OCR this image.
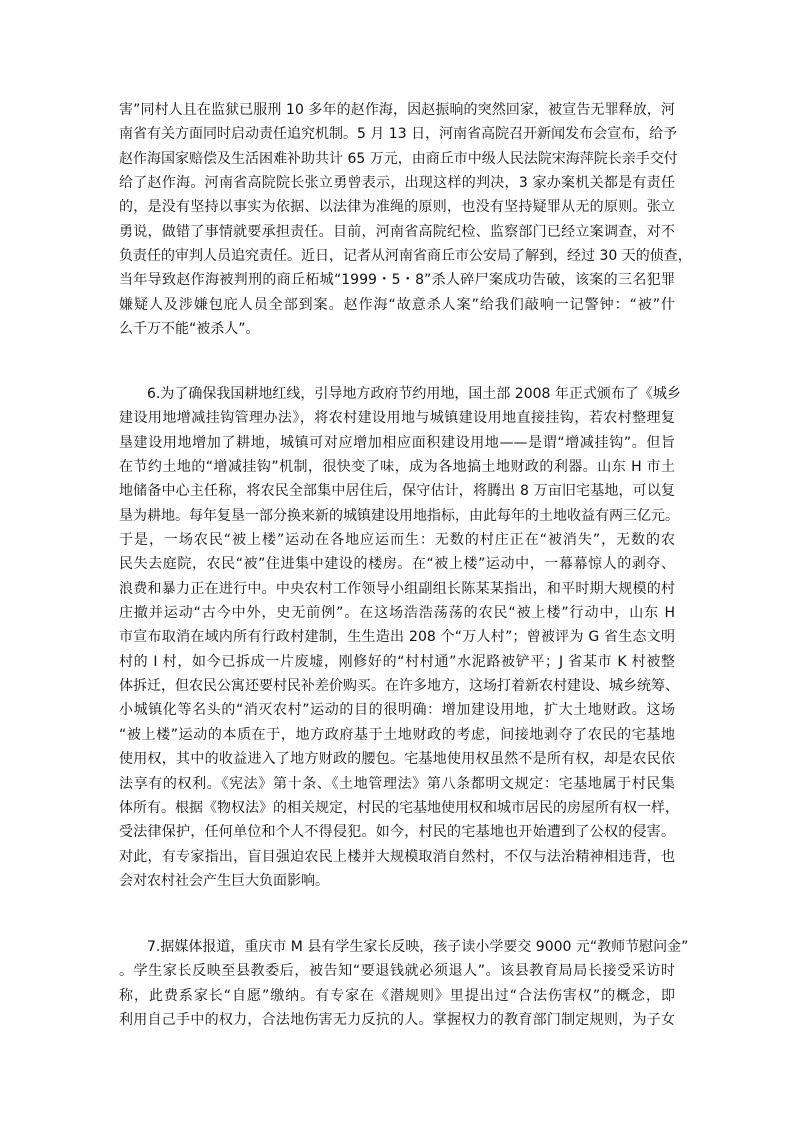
害”同村人且在监狱已服刑 10 多年的赵作海，因赵振晌的突然回家，被宣告无罪释放，河
南省有关方面同时启动责任追究机制。5 月 13 日，河南省高院召开新闻发布会宣布，给予
赵作海国家赔偿及生活困难补助共计 65 万元，由商丘市中级人民法院宋海萍院长亲手交付
给了赵作海。河南省高院院长张立勇曾表示，出现这样的判决，3 家办案机关都是有责任
的，是没有坚持以事实为依据、以法律为准绳的原则，也没有坚持疑罪从无的原则。张立
勇说，做错了事情就要承担责任。目前，河南省高院纪检、监察部门已经立案调查，对不
负责任的审判人员追究责任。近日，记者从河南省商丘市公安局了解到，经过 30 天的侦查，
当年导致赵作海被判刑的商丘柘城“1999・5・8”杀人碎尸案成功告破，该案的三名犯罪
嫌疑人及涉嫌包庇人员全部到案。赵作海“故意杀人案”给我们敲响一记警钟：“被”什
么千万不能“被杀人”。
6.为了确保我国耕地红线，引导地方政府节约用地，国土部 2008 年正式颁布了《城乡
建设用地增减挂钩管理办法》，将农村建设用地与城镇建设用地直接挂钩，若农村整理复
垦建设用地增加了耕地，城镇可对应增加相应面积建设用地——是谓“增减挂钩”。但旨
在节约土地的“增减挂钩”机制，很快变了味，成为各地搞土地财政的利器。山东 H 市土
地储备中心主任称，将农民全部集中居住后，保守估计，将腾出 8 万亩旧宅基地，可以复
垦为耕地。每年复垦一部分换来新的城镇建设用地指标，由此每年的土地收益有两三亿元。
于是，一场农民“被上楼”运动在各地应运而生：无数的村庄正在“被消失”，无数的农
民失去庭院，农民“被”住进集中建设的楼房。在“被上楼”运动中，一幕幕惊人的剥夺、
浪费和暴力正在进行中。中央农村工作领导小组副组长陈某某指出，和平时期大规模的村
庄撤并运动“古今中外，史无前例”。在这场浩浩荡荡的农民“被上楼”行动中，山东 H
市宣布取消在域内所有行政村建制，生生造出 208 个“万人村”；曾被评为 G 省生态文明
村的 I 村，如今已拆成一片废墟，刚修好的“村村通”水泥路被铲平；J 省某市 K 村被整
体拆迁，但农民公寓还要村民补差价购买。在许多地方，这场打着新农村建设、城乡统筹、
小城镇化等名头的“消灭农村”运动的目的很明确：增加建设用地，扩大土地财政。这场
“被上楼”运动的本质在于，地方政府基于土地财政的考虑，间接地剥夺了农民的宅基地
使用权，其中的收益进入了地方财政的腰包。宅基地使用权虽然不是所有权，却是农民依
法享有的权利。《宪法》第十条、《土地管理法》第八条都明文规定：宅基地属于村民集
体所有。根据《物权法》的相关规定，村民的宅基地使用权和城市居民的房屋所有权一样，
受法律保护，任何单位和个人不得侵犯。如今，村民的宅基地也开始遭到了公权的侵害。
对此，有专家指出，盲目强迫农民上楼并大规模取消自然村，不仅与法治精神相违背，也
会对农村社会产生巨大负面影响。
7.据媒体报道，重庆市 M 县有学生家长反映，孩子读小学要交 9000 元“教师节慰问金”
。学生家长反映至县教委后，被告知“要退钱就必须退人”。该县教育局局长接受采访时
称，此费系家长“自愿”缴纳。有专家在《潜规则》里提出过“合法伤害权”的概念，即
利用自己手中的权力，合法地伤害无力反抗的人。掌握权力的教育部门制定规则，为子女
